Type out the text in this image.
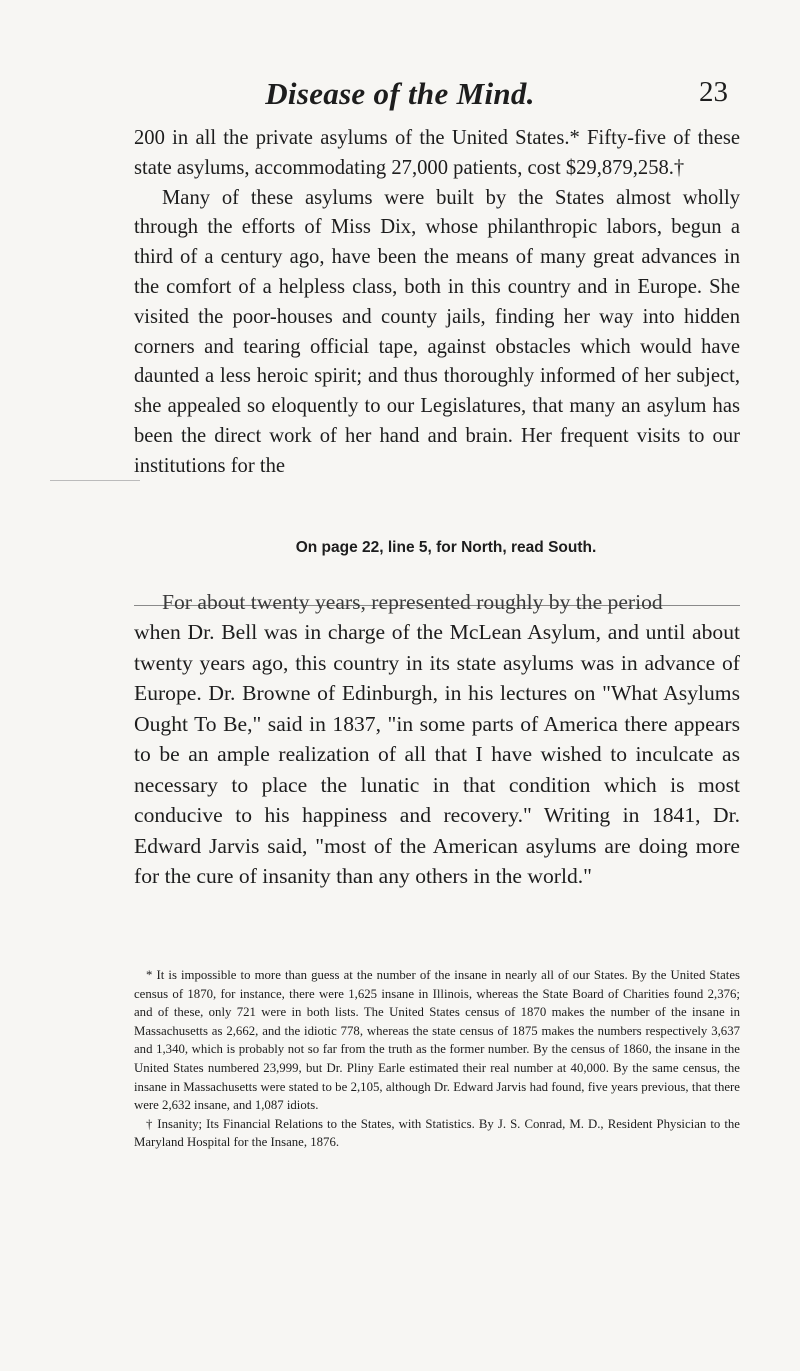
Disease of the Mind.	23

200 in all the private asylums of the United States.* Fifty-five of these state asylums, accommodating 27,000 patients, cost $29,879,258.†

Many of these asylums were built by the States almost wholly through the efforts of Miss Dix, whose philanthropic labors, begun a third of a century ago, have been the means of many great advances in the comfort of a helpless class, both in this country and in Europe. She visited the poor-houses and county jails, finding her way into hidden corners and tearing official tape, against obstacles which would have daunted a less heroic spirit; and thus thoroughly informed of her subject, she appealed so eloquently to our Legislatures, that many an asylum has been the direct work of her hand and brain. Her frequent visits to our institutions for the

On page 22, line 5, for North, read South.

For about twenty years, represented roughly by the period

when Dr. Bell was in charge of the McLean Asylum, and until about twenty years ago, this country in its state asylums was in advance of Europe. Dr. Browne of Edinburgh, in his lectures on "What Asylums Ought To Be," said in 1837, "in some parts of America there appears to be an ample realization of all that I have wished to inculcate as necessary to place the lunatic in that condition which is most conducive to his happiness and recovery." Writing in 1841, Dr. Edward Jarvis said, "most of the American asylums are doing more for the cure of insanity than any others in the world."

* It is impossible to more than guess at the number of the insane in nearly all of our States. By the United States census of 1870, for instance, there were 1,625 insane in Illinois, whereas the State Board of Charities found 2,376; and of these, only 721 were in both lists. The United States census of 1870 makes the number of the insane in Massachusetts as 2,662, and the idiotic 778, whereas the state census of 1875 makes the numbers respectively 3,637 and 1,340, which is probably not so far from the truth as the former number. By the census of 1860, the insane in the United States numbered 23,999, but Dr. Pliny Earle estimated their real number at 40,000. By the same census, the insane in Massachusetts were stated to be 2,105, although Dr. Edward Jarvis had found, five years previous, that there were 2,632 insane, and 1,087 idiots.

† Insanity; Its Financial Relations to the States, with Statistics. By J. S. Conrad, M. D., Resident Physician to the Maryland Hospital for the Insane, 1876.
